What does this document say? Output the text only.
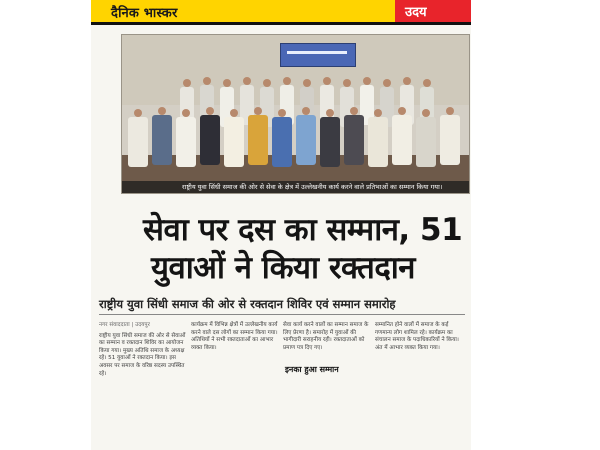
दैनिक भास्कर	उदय
राष्ट्रीय युवा सिंधी समाज की ओर से सेवा के क्षेत्र में उल्लेखनीय कार्य करने वाले प्रतिभाओं का सम्मान किया गया।
सेवा पर दस का सम्मान, 51
युवाओं ने किया रक्तदान
राष्ट्रीय युवा सिंधी समाज की ओर से रक्तदान शिविर एवं सम्मान समारोह
नगर संवाददाता | उदयपुर

राष्ट्रीय युवा सिंधी समाज की ओर से सेवाओं का सम्मान व रक्तदान शिविर का आयोजन किया गया। मुख्य अतिथि समाज के अध्यक्ष रहे। 51 युवाओं ने रक्तदान किया। इस अवसर पर समाज के वरिष्ठ सदस्य उपस्थित रहे।

कार्यक्रम में विभिन्न क्षेत्रों में उल्लेखनीय कार्य करने वाले दस लोगों का सम्मान किया गया। अतिथियों ने सभी रक्तदाताओं का आभार व्यक्त किया।

सेवा कार्य करने वालों का सम्मान समाज के लिए प्रेरणा है। समारोह में युवाओं की भागीदारी सराहनीय रही। रक्तदाताओं को प्रमाण पत्र दिए गए।

इनका हुआ सम्मान

सम्मानित होने वालों में समाज के कई गणमान्य लोग शामिल रहे। कार्यक्रम का संचालन समाज के पदाधिकारियों ने किया। अंत में आभार व्यक्त किया गया।
